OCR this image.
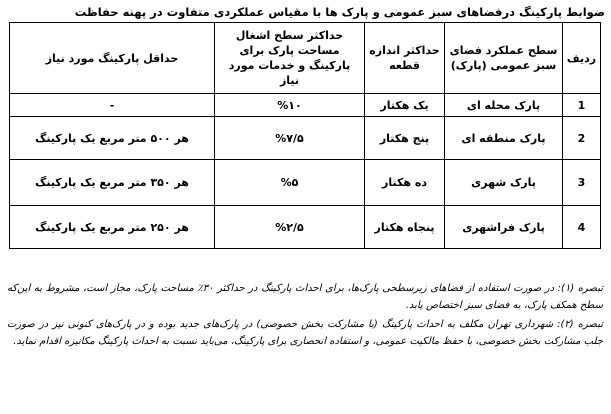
ضوابط پارکینگ درفضاهای سبز عمومی و پارک ها با مقیاس عملکردی متفاوت در پهنه حفاظت
ردیف	سطح عملکرد فضای سبز عمومی (پارک)	حداکثر اندازه قطعه	حداکثر سطح اشغال مساحت پارک برای پارکینگ و خدمات مورد نیاز	حداقل پارکینگ مورد نیاز
1	پارک محله ای	یک هکتار	%۱۰	-
2	پارک منطقه ای	پنج هکتار	%۷/۵	هر ۵۰۰ متر مربع یک پارکینگ
3	پارک شهری	ده هکتار	%۵	هر ۳۵۰ متر مربع یک پارکینگ
4	پارک فراشهری	پنجاه هکتار	%۲/۵	هر ۲۵۰ متر مربع یک پارکینگ

تبصره (۱): در صورت استفاده از فضاهای زیرسطحی پارک‌ها، برای احداث پارکینگ در حداکثر ۳۰٪ مساحت پارک، مجاز است، مشروط به این‌که سطح همکف پارک، به فضای سبز اختصاص یابد.

تبصره (۲): شهرداری تهران مکلف به احداث پارکینگ (با مشارکت بخش خصوصی) در پارک‌های جدید بوده و در پارک‌های کنونی نیز در صورت جلب مشارکت بخش خصوصی، با حفظ مالکیت عمومی، و استفاده انحصاری برای پارکینگ، می‌باید نسبت به احداث پارکینگ مکانیزه اقدام نماید.
